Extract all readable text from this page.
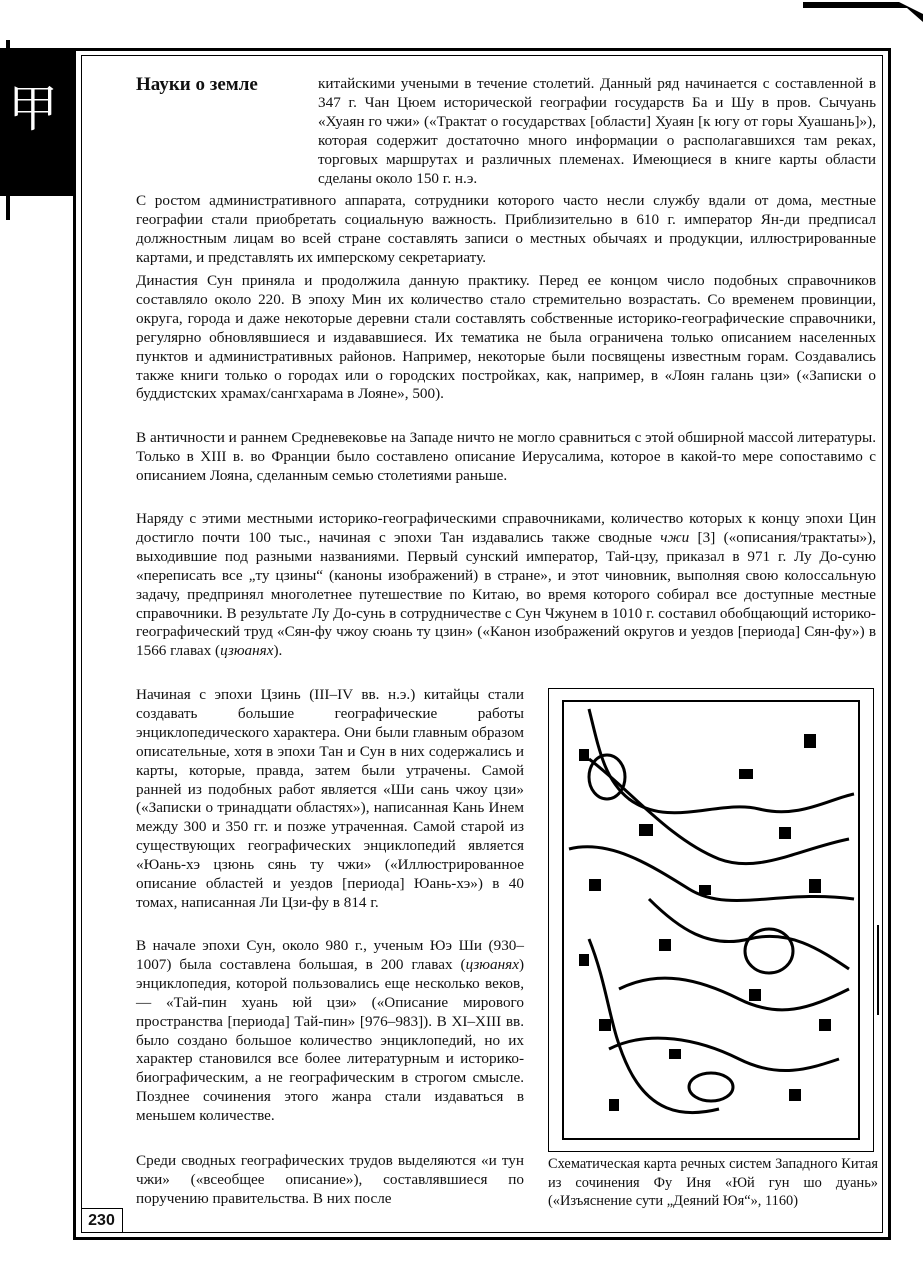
甲	Науки о земле	китайскими учеными в течение столетий. Данный ряд начинается с составленной в 347 г. Чан Цюем исторической географии государств Ба и Шу в пров. Сычуань «Хуаян го чжи» («Трактат о государствах [области] Хуаян [к югу от горы Хуашань]»), которая содержит достаточно много информации о располагавшихся там реках, торговых маршрутах и различных племенах. Имеющиеся в книге карты области сделаны около 150 г. н.э.

С ростом административного аппарата, сотрудники которого часто несли службу вдали от дома, местные географии стали приобретать социальную важность. Приблизительно в 610 г. император Ян-ди предписал должностным лицам во всей стране составлять записи о местных обычаях и продукции, иллюстрированные картами, и представлять их имперскому секретариату.

Династия Сун приняла и продолжила данную практику. Перед ее концом число подобных справочников составляло около 220. В эпоху Мин их количество стало стремительно возрастать. Со временем провинции, округа, города и даже некоторые деревни стали составлять собственные историко-географические справочники, регулярно обновлявшиеся и издававшиеся. Их тематика не была ограничена только описанием населенных пунктов и административных районов. Например, некоторые были посвящены известным горам. Создавались также книги только о городах или о городских постройках, как, например, в «Лоян галань цзи» («Записки о буддистских храмах/сангхарама в Лояне», 500).

В античности и раннем Средневековье на Западе ничто не могло сравниться с этой обширной массой литературы. Только в XIII в. во Франции было составлено описание Иерусалима, которое в какой-то мере сопоставимо с описанием Лояна, сделанным семью столетиями раньше.

Наряду с этими местными историко-географическими справочниками, количество которых к концу эпохи Цин достигло почти 100 тыс., начиная с эпохи Тан издавались также сводные чжи [3] («описания/трактаты»), выходившие под разными названиями. Первый сунский император, Тай-цзу, приказал в 971 г. Лу До-суню «переписать все „ту цзины“ (каноны изображений) в стране», и этот чиновник, выполняя свою колоссальную задачу, предпринял многолетнее путешествие по Китаю, во время которого собирал все доступные местные справочники. В результате Лу До-сунь в сотрудничестве с Сун Чжунем в 1010 г. составил обобщающий историко-географический труд «Сян-фу чжоу сюань ту цзин» («Канон изображений округов и уездов [периода] Сян-фу») в 1566 главах (цзюанях).

Начиная с эпохи Цзинь (III–IV вв. н.э.) китайцы стали создавать большие географические работы энциклопедического характера. Они были главным образом описательные, хотя в эпохи Тан и Сун в них содержались и карты, которые, правда, затем были утрачены. Самой ранней из подобных работ является «Ши сань чжоу цзи» («Записки о тринадцати областях»), написанная Кань Инем между 300 и 350 гг. и позже утраченная. Самой старой из существующих географических энциклопедий является «Юань-хэ цзюнь сянь ту чжи» («Иллюстрированное описание областей и уездов [периода] Юань-хэ») в 40 томах, написанная Ли Цзи-фу в 814 г.

В начале эпохи Сун, около 980 г., ученым Юэ Ши (930–1007) была составлена большая, в 200 главах (цзюанях) энциклопедия, которой пользовались еще несколько веков, — «Тай-пин хуань юй цзи» («Описание мирового пространства [периода] Тай-пин» [976–983]). В XI–XIII вв. было создано большое количество энциклопедий, но их характер становился все более литературным и историко-биографическим, а не географическим в строгом смысле. Позднее сочинения этого жанра стали издаваться в меньшем количестве.

Среди сводных географических трудов выделяются «и тун чжи» («всеобщее описание»), составлявшиеся по поручению правительства. В них после

Схематическая карта речных систем Западного Китая из сочинения Фу Иня «Юй гун шо дуань» («Изъяснение сути „Деяний Юя“», 1160)
230
